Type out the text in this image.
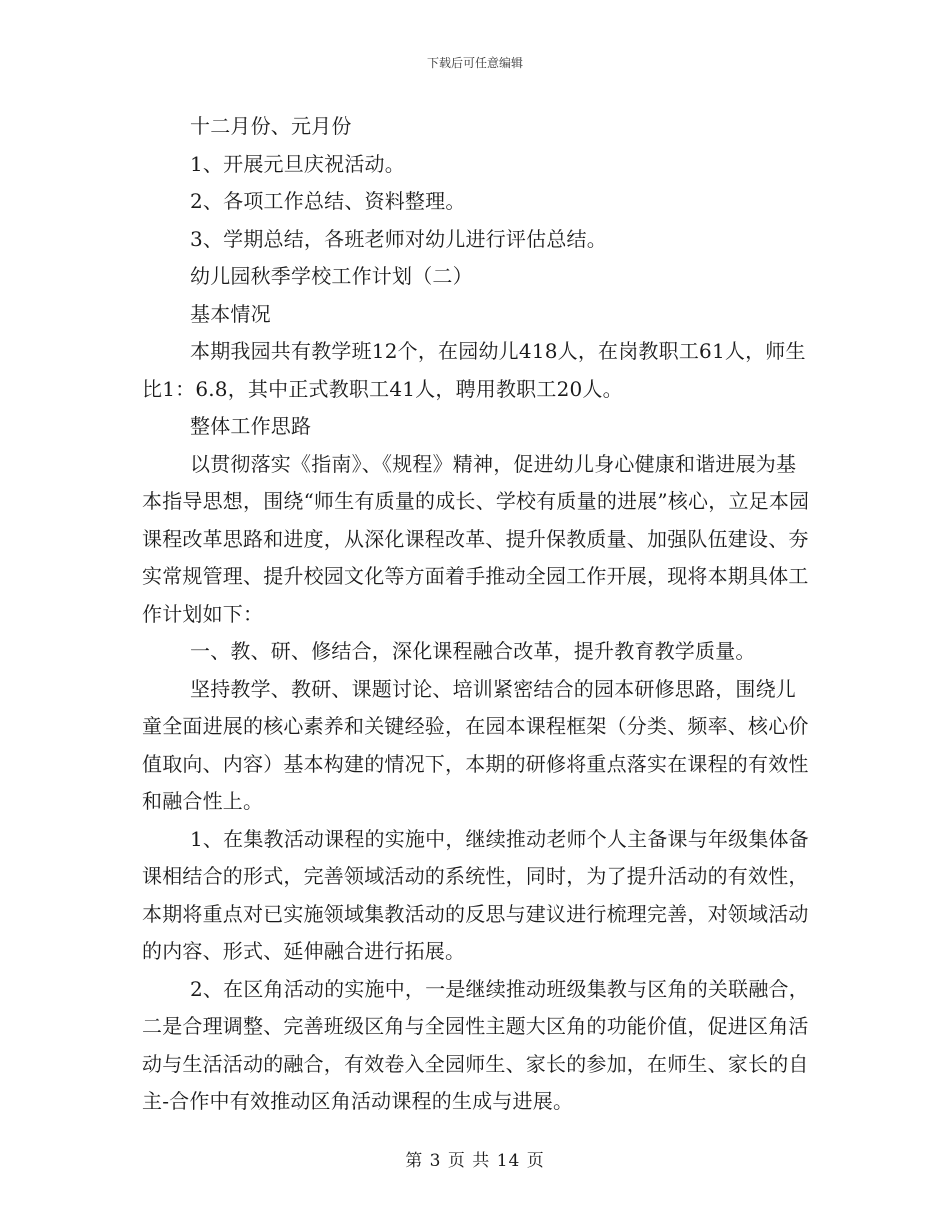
下载后可任意编辑

十二月份、元月份

1、开展元旦庆祝活动。

2、各项工作总结、资料整理。

3、学期总结，各班老师对幼儿进行评估总结。

幼儿园秋季学校工作计划（二）

基本情况

本期我园共有教学班12个，在园幼儿418人，在岗教职工61人，师生比1：6.8，其中正式教职工41人，聘用教职工20人。

整体工作思路

以贯彻落实《指南》、《规程》精神，促进幼儿身心健康和谐进展为基本指导思想，围绕“师生有质量的成长、学校有质量的进展”核心，立足本园课程改革思路和进度，从深化课程改革、提升保教质量、加强队伍建设、夯实常规管理、提升校园文化等方面着手推动全园工作开展，现将本期具体工作计划如下：

一、教、研、修结合，深化课程融合改革，提升教育教学质量。

坚持教学、教研、课题讨论、培训紧密结合的园本研修思路，围绕儿童全面进展的核心素养和关键经验，在园本课程框架（分类、频率、核心价值取向、内容）基本构建的情况下，本期的研修将重点落实在课程的有效性和融合性上。

1、在集教活动课程的实施中，继续推动老师个人主备课与年级集体备课相结合的形式，完善领域活动的系统性，同时，为了提升活动的有效性，本期将重点对已实施领域集教活动的反思与建议进行梳理完善，对领域活动的内容、形式、延伸融合进行拓展。

2、在区角活动的实施中，一是继续推动班级集教与区角的关联融合，二是合理调整、完善班级区角与全园性主题大区角的功能价值，促进区角活动与生活活动的融合，有效卷入全园师生、家长的参加，在师生、家长的自主-合作中有效推动区角活动课程的生成与进展。

第 3 页 共 14 页
